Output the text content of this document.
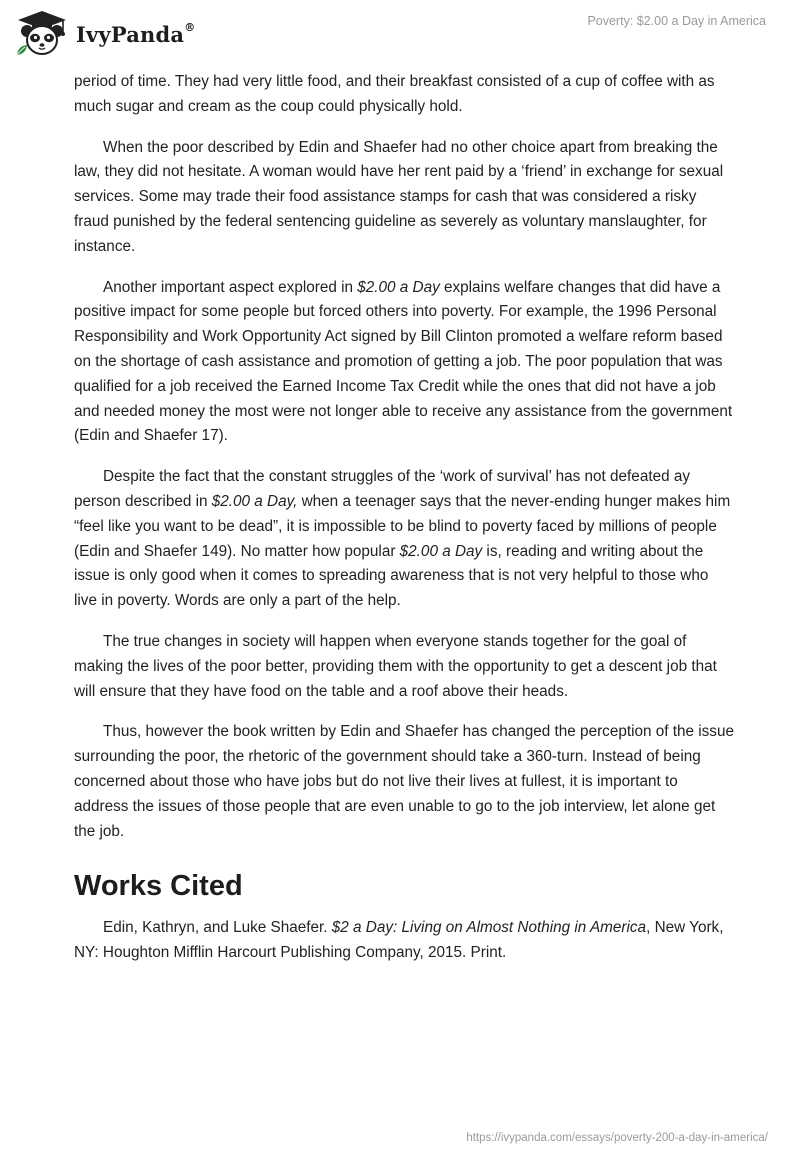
IvyPanda®	Poverty: $2.00 a Day in America

period of time. They had very little food, and their breakfast consisted of a cup of coffee with as much sugar and cream as the coup could physically hold.

When the poor described by Edin and Shaefer had no other choice apart from breaking the law, they did not hesitate. A woman would have her rent paid by a ‘friend’ in exchange for sexual services. Some may trade their food assistance stamps for cash that was considered a risky fraud punished by the federal sentencing guideline as severely as voluntary manslaughter, for instance.

Another important aspect explored in $2.00 a Day explains welfare changes that did have a positive impact for some people but forced others into poverty. For example, the 1996 Personal Responsibility and Work Opportunity Act signed by Bill Clinton promoted a welfare reform based on the shortage of cash assistance and promotion of getting a job. The poor population that was qualified for a job received the Earned Income Tax Credit while the ones that did not have a job and needed money the most were not longer able to receive any assistance from the government (Edin and Shaefer 17).

Despite the fact that the constant struggles of the ‘work of survival’ has not defeated ay person described in $2.00 a Day, when a teenager says that the never-ending hunger makes him “feel like you want to be dead”, it is impossible to be blind to poverty faced by millions of people (Edin and Shaefer 149). No matter how popular $2.00 a Day is, reading and writing about the issue is only good when it comes to spreading awareness that is not very helpful to those who live in poverty. Words are only a part of the help.

The true changes in society will happen when everyone stands together for the goal of making the lives of the poor better, providing them with the opportunity to get a descent job that will ensure that they have food on the table and a roof above their heads.

Thus, however the book written by Edin and Shaefer has changed the perception of the issue surrounding the poor, the rhetoric of the government should take a 360-turn. Instead of being concerned about those who have jobs but do not live their lives at fullest, it is important to address the issues of those people that are even unable to go to the job interview, let alone get the job.

Works Cited

Edin, Kathryn, and Luke Shaefer. $2 a Day: Living on Almost Nothing in America, New York, NY: Houghton Mifflin Harcourt Publishing Company, 2015. Print.

https://ivypanda.com/essays/poverty-200-a-day-in-america/
